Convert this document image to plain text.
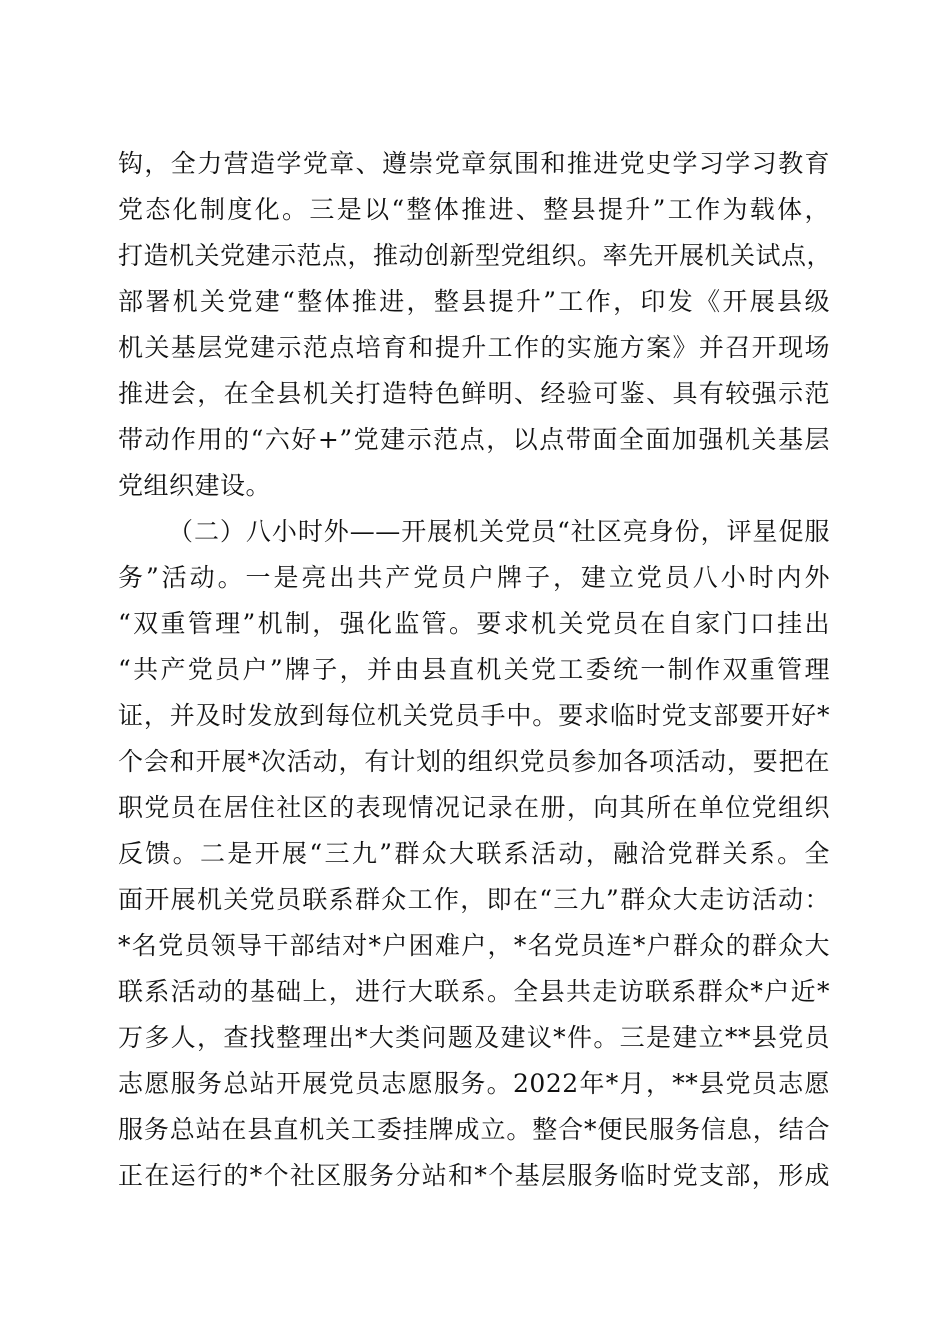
钩，全力营造学党章、遵崇党章氛围和推进党史学习学习教育
党态化制度化。三是以“整体推进、整县提升”工作为载体，
打造机关党建示范点，推动创新型党组织。率先开展机关试点，
部署机关党建“整体推进，整县提升”工作，印发《开展县级
机关基层党建示范点培育和提升工作的实施方案》并召开现场
推进会，在全县机关打造特色鲜明、经验可鉴、具有较强示范
带动作用的“六好+”党建示范点，以点带面全面加强机关基层
党组织建设。
（二）八小时外——开展机关党员“社区亮身份，评星促服
务”活动。一是亮出共产党员户牌子，建立党员八小时内外
“双重管理”机制，强化监管。要求机关党员在自家门口挂出
“共产党员户”牌子，并由县直机关党工委统一制作双重管理
证，并及时发放到每位机关党员手中。要求临时党支部要开好*
个会和开展*次活动，有计划的组织党员参加各项活动，要把在
职党员在居住社区的表现情况记录在册，向其所在单位党组织
反馈。二是开展“三九”群众大联系活动，融洽党群关系。全
面开展机关党员联系群众工作，即在“三九”群众大走访活动：
*名党员领导干部结对*户困难户，*名党员连*户群众的群众大
联系活动的基础上，进行大联系。全县共走访联系群众*户近*
万多人，查找整理出*大类问题及建议*件。三是建立**县党员
志愿服务总站开展党员志愿服务。2022年*月，**县党员志愿
服务总站在县直机关工委挂牌成立。整合*便民服务信息，结合
正在运行的*个社区服务分站和*个基层服务临时党支部，形成
